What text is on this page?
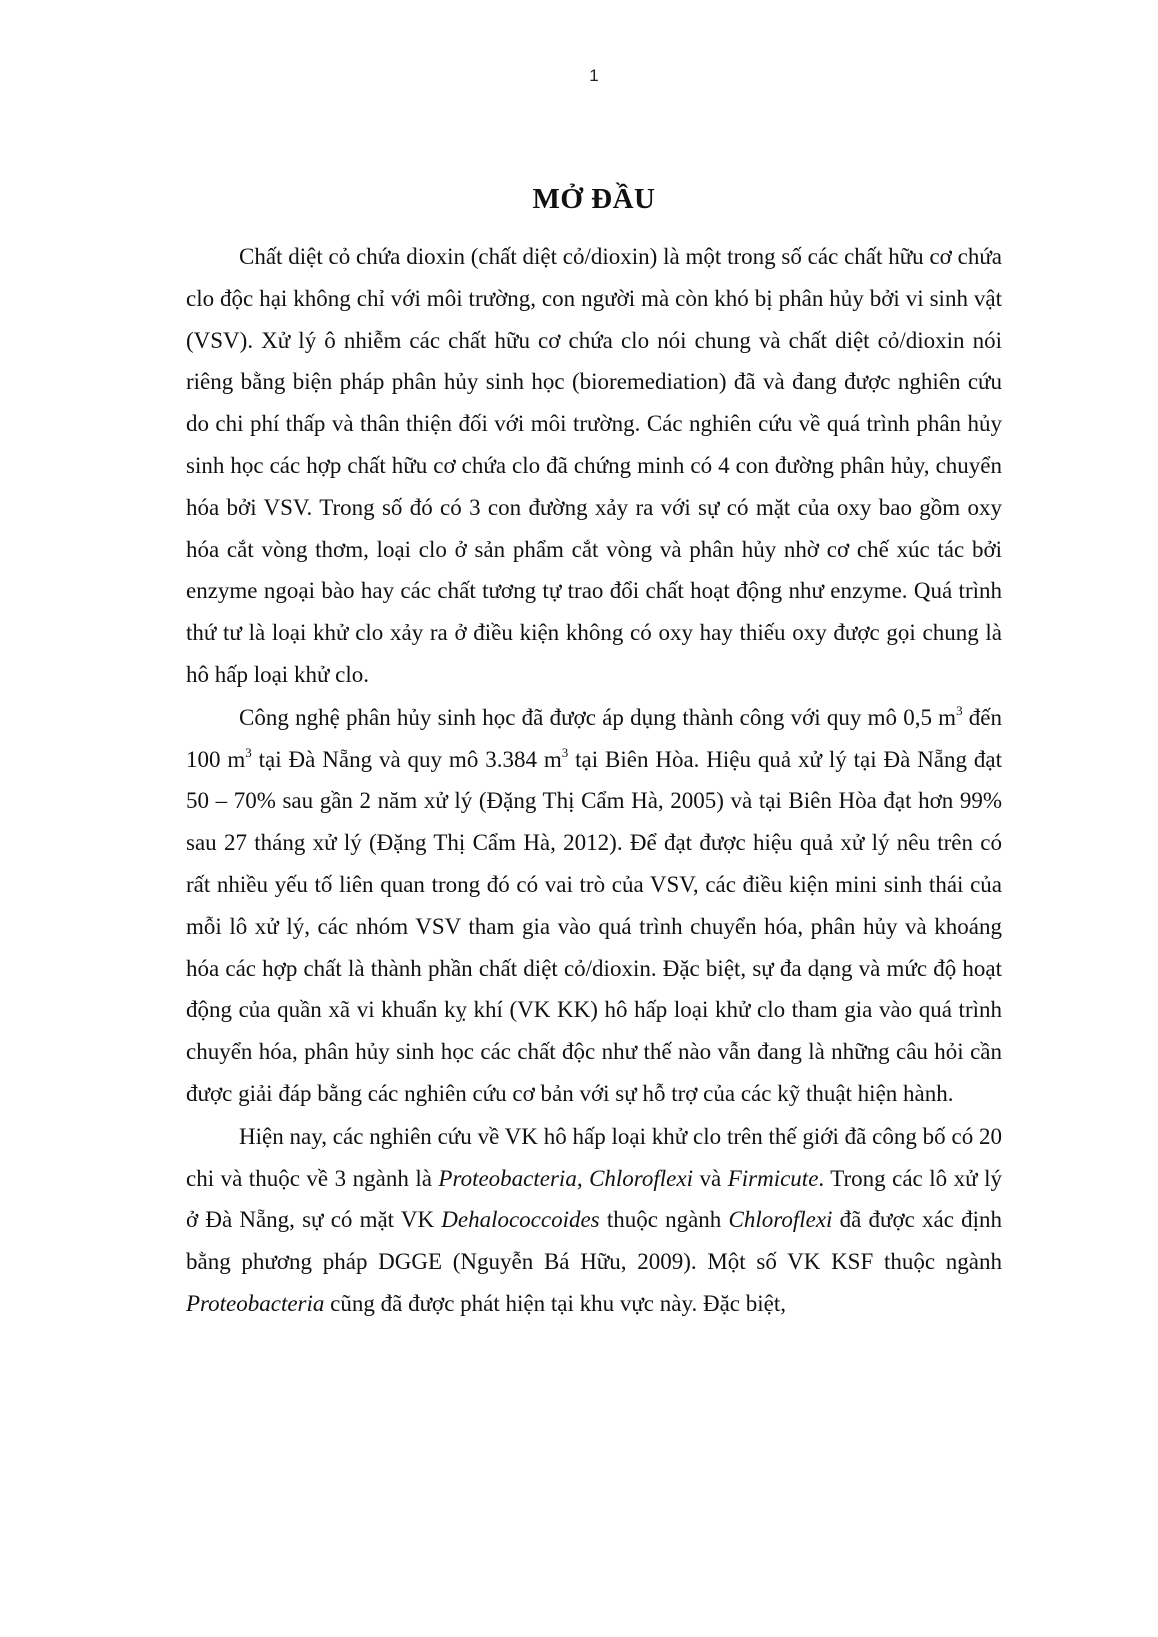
1
MỞ ĐẦU

Chất diệt cỏ chứa dioxin (chất diệt cỏ/dioxin) là một trong số các chất hữu cơ chứa clo độc hại không chỉ với môi trường, con người mà còn khó bị phân hủy bởi vi sinh vật (VSV). Xử lý ô nhiễm các chất hữu cơ chứa clo nói chung và chất diệt cỏ/dioxin nói riêng bằng biện pháp phân hủy sinh học (bioremediation) đã và đang được nghiên cứu do chi phí thấp và thân thiện đối với môi trường. Các nghiên cứu về quá trình phân hủy sinh học các hợp chất hữu cơ chứa clo đã chứng minh có 4 con đường phân hủy, chuyển hóa bởi VSV. Trong số đó có 3 con đường xảy ra với sự có mặt của oxy bao gồm oxy hóa cắt vòng thơm, loại clo ở sản phẩm cắt vòng và phân hủy nhờ cơ chế xúc tác bởi enzyme ngoại bào hay các chất tương tự trao đổi chất hoạt động như enzyme. Quá trình thứ tư là loại khử clo xảy ra ở điều kiện không có oxy hay thiếu oxy được gọi chung là hô hấp loại khử clo.

Công nghệ phân hủy sinh học đã được áp dụng thành công với quy mô 0,5 $m^3$ đến 100 $m^3$ tại Đà Nẵng và quy mô 3.384 $m^3$ tại Biên Hòa. Hiệu quả xử lý tại Đà Nẵng đạt 50 – 70% sau gần 2 năm xử lý (Đặng Thị Cẩm Hà, 2005) và tại Biên Hòa đạt hơn 99% sau 27 tháng xử lý (Đặng Thị Cẩm Hà, 2012). Để đạt được hiệu quả xử lý nêu trên có rất nhiều yếu tố liên quan trong đó có vai trò của VSV, các điều kiện mini sinh thái của mỗi lô xử lý, các nhóm VSV tham gia vào quá trình chuyển hóa, phân hủy và khoáng hóa các hợp chất là thành phần chất diệt cỏ/dioxin. Đặc biệt, sự đa dạng và mức độ hoạt động của quần xã vi khuẩn kỵ khí (VK KK) hô hấp loại khử clo tham gia vào quá trình chuyển hóa, phân hủy sinh học các chất độc như thế nào vẫn đang là những câu hỏi cần được giải đáp bằng các nghiên cứu cơ bản với sự hỗ trợ của các kỹ thuật hiện hành.

Hiện nay, các nghiên cứu về VK hô hấp loại khử clo trên thế giới đã công bố có 20 chi và thuộc về 3 ngành là Proteobacteria, Chloroflexi và Firmicute. Trong các lô xử lý ở Đà Nẵng, sự có mặt VK Dehalococcoides thuộc ngành Chloroflexi đã được xác định bằng phương pháp DGGE (Nguyễn Bá Hữu, 2009). Một số VK KSF thuộc ngành Proteobacteria cũng đã được phát hiện tại khu vực này. Đặc biệt,
